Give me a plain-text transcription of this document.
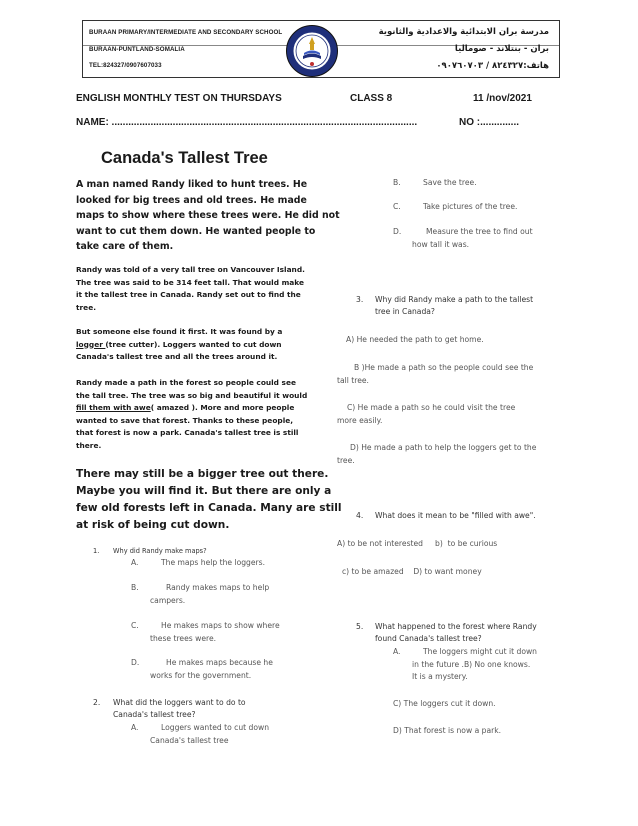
BURAAN PRIMARY/INTERMEDIATE AND SECONDARY SCHOOL
BURAAN-PUNTLAND-SOMALIA
TEL:824327/0907607033
مدرسة بران الابتدائية والاعدادية والثانوية
بران - بنتلاند - صوماليا
هاتف:٨٢٤٣٢٧ / ٠٩٠٧٦٠٧٠٣
ENGLISH MONTHLY TEST ON THURSDAYS	CLASS 8	11 /nov/2021
NAME: ..............................................................................................................	NO :..............
Canada's Tallest Tree
A man named Randy liked to hunt trees. He
looked for big trees and old trees. He made
maps to show where these trees were. He did not
want to cut them down. He wanted people to
take care of them.
Randy was told of a very tall tree on Vancouver Island.
The tree was said to be 314 feet tall. That would make
it the tallest tree in Canada. Randy set out to find the
tree.
But someone else found it first. It was found by a
logger (tree cutter). Loggers wanted to cut down
Canada's tallest tree and all the trees around it.
Randy made a path in the forest so people could see
the tall tree. The tree was so big and beautiful it would
fill them with awe( amazed ). More and more people
wanted to save that forest. Thanks to these people,
that forest is now a park. Canada's tallest tree is still
there.
There may still be a bigger tree out there.
Maybe you will find it. But there are only a
few old forests left in Canada. Many are still
at risk of being cut down.
1. Why did Randy make maps?
A.	The maps help the loggers.
B.	Randy makes maps to help
campers.
C.	He makes maps to show where
these trees were.
D.	He makes maps because he
works for the government.
2. What did the loggers want to do to
Canada's tallest tree?
A.	Loggers wanted to cut down
Canada's tallest tree
B.	Save the tree.
C.	Take pictures of the tree.
D.	Measure the tree to find out
how tall it was.
3. Why did Randy make a path to the tallest
tree in Canada?
A) He needed the path to get home.
B )He made a path so the people could see the
tall tree.
C) He made a path so he could visit the tree
more easily.
D) He made a path to help the loggers get to the
tree.
4. What does it mean to be "filled with awe".
A) to be not interested     b)  to be curious
c) to be amazed    D) to want money
5. What happened to the forest where Randy
found Canada's tallest tree?
A.	The loggers might cut it down
in the future .B) No one knows.
It is a mystery.
C) The loggers cut it down.
D) That forest is now a park.
